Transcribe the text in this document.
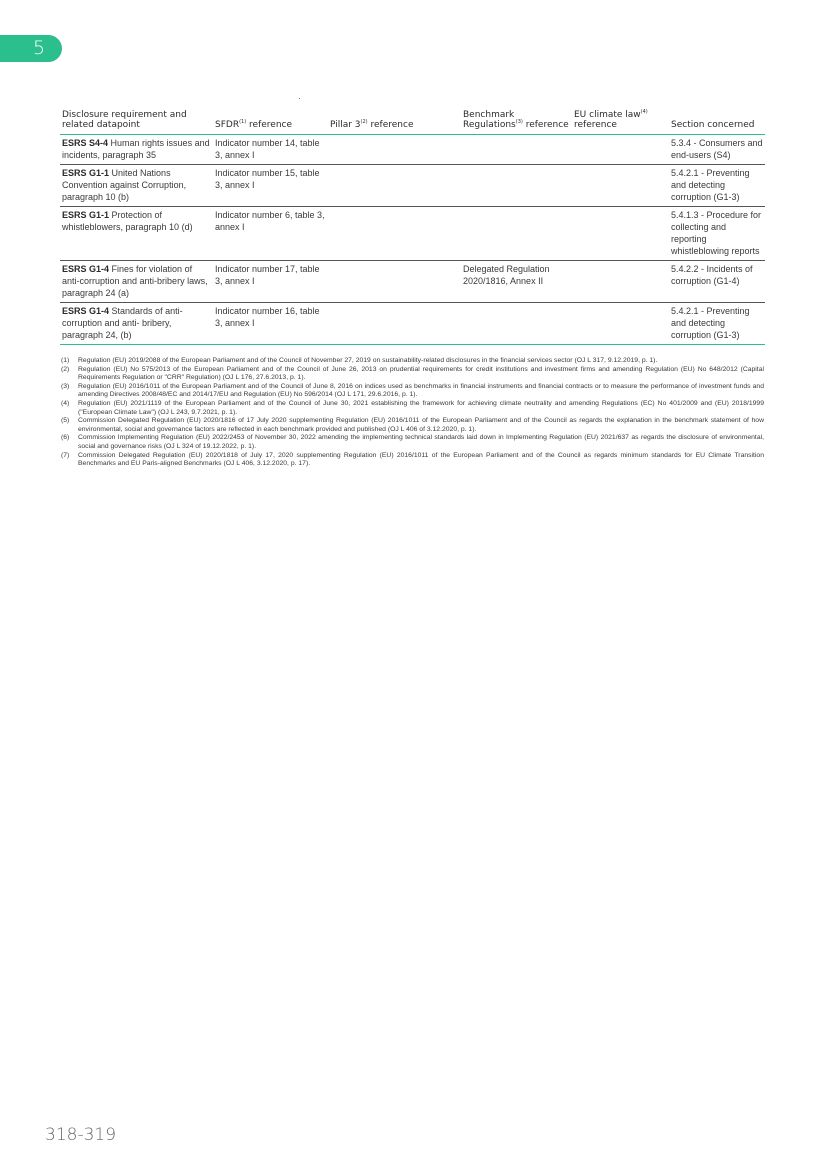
5
Disclosure requirement and related datapoint	SFDR$^{(1)}$ reference	Pillar 3$^{(2)}$ reference	Benchmark Regulations$^{(3)}$ reference	EU climate law$^{(4)}$ reference	Section concerned
ESRS S4-4 Human rights issues and incidents, paragraph 35	Indicator number 14, table 3, annex I				5.3.4 - Consumers and end-users (S4)
ESRS G1-1 United Nations Convention against Corruption, paragraph 10 (b)	Indicator number 15, table 3, annex I				5.4.2.1 - Preventing and detecting corruption (G1-3)
ESRS G1-1 Protection of whistleblowers, paragraph 10 (d)	Indicator number 6, table 3, annex I				5.4.1.3 - Procedure for collecting and reporting whistleblowing reports
ESRS G1-4 Fines for violation of anti-corruption and anti-bribery laws, paragraph 24 (a)	Indicator number 17, table 3, annex I		Delegated Regulation 2020/1816, Annex II		5.4.2.2 - Incidents of corruption (G1-4)
ESRS G1-4 Standards of anti-corruption and anti- bribery, paragraph 24, (b)	Indicator number 16, table 3, annex I				5.4.2.1 - Preventing and detecting corruption (G1-3)
(1)	Regulation (EU) 2019/2088 of the European Parliament and of the Council of November 27, 2019 on sustainability-related disclosures in the financial services sector (OJ L 317, 9.12.2019, p. 1).
(2)	Regulation (EU) No 575/2013 of the European Parliament and of the Council of June 26, 2013 on prudential requirements for credit institutions and investment firms and amending Regulation (EU) No 648/2012 (Capital Requirements Regulation or "CRR" Regulation) (OJ L 176, 27.6.2013, p. 1).
(3)	Regulation (EU) 2016/1011 of the European Parliament and of the Council of June 8, 2016 on indices used as benchmarks in financial instruments and financial contracts or to measure the performance of investment funds and amending Directives 2008/48/EC and 2014/17/EU and Regulation (EU) No 596/2014 (OJ L 171, 29.6.2016, p. 1).
(4)	Regulation (EU) 2021/1119 of the European Parliament and of the Council of June 30, 2021 establishing the framework for achieving climate neutrality and amending Regulations (EC) No 401/2009 and (EU) 2018/1999 ("European Climate Law") (OJ L 243, 9.7.2021, p. 1).
(5)	Commission Delegated Regulation (EU) 2020/1816 of 17 July 2020 supplementing Regulation (EU) 2016/1011 of the European Parliament and of the Council as regards the explanation in the benchmark statement of how environmental, social and governance factors are reflected in each benchmark provided and published (OJ L 406 of 3.12.2020, p. 1).
(6)	Commission Implementing Regulation (EU) 2022/2453 of November 30, 2022 amending the implementing technical standards laid down in Implementing Regulation (EU) 2021/637 as regards the disclosure of environmental, social and governance risks (OJ L 324 of 19.12.2022, p. 1).
(7)	Commission Delegated Regulation (EU) 2020/1818 of July 17, 2020 supplementing Regulation (EU) 2016/1011 of the European Parliament and of the Council as regards minimum standards for EU Climate Transition Benchmarks and EU Paris-aligned Benchmarks (OJ L 406, 3.12.2020, p. 17).
318-319
